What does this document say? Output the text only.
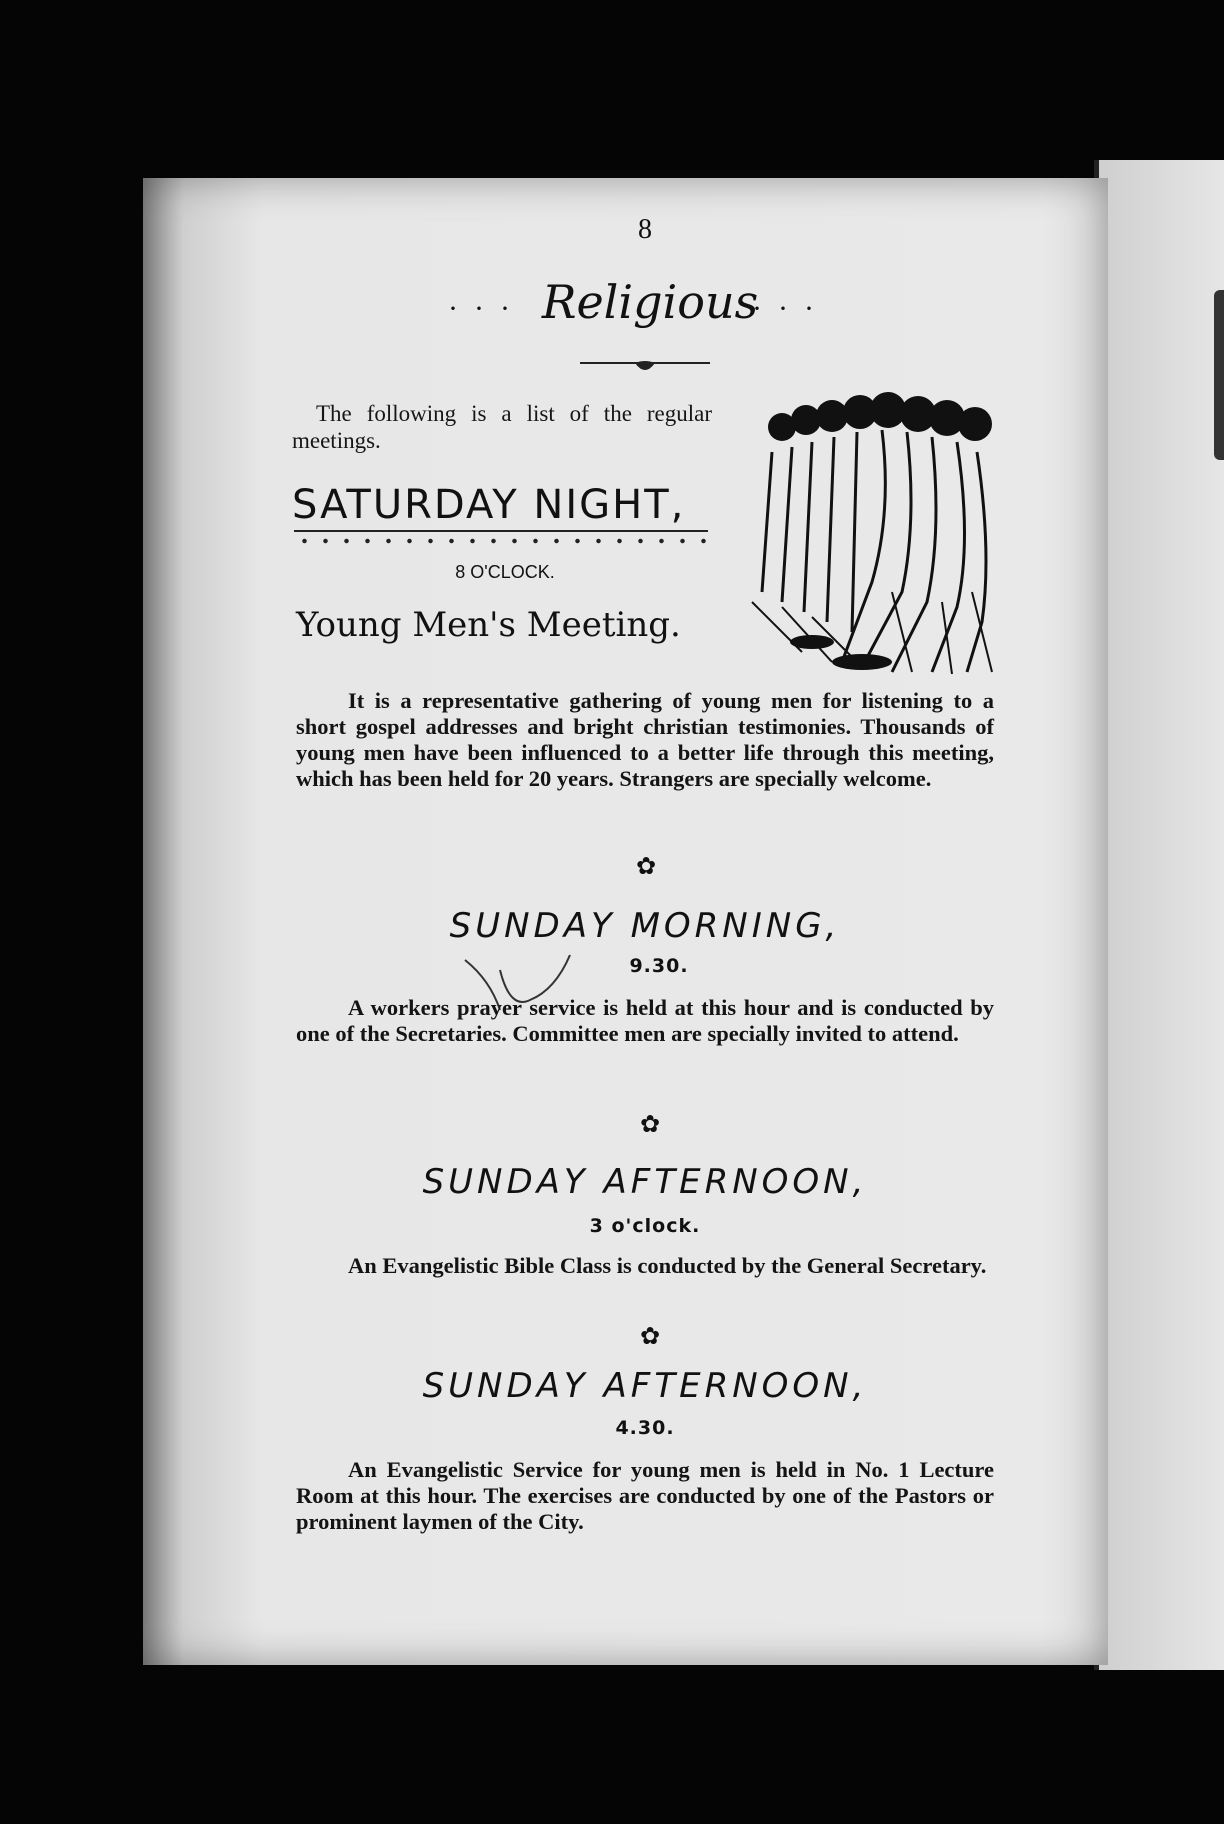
8
··· Religious
···
The following is a list of the regular meetings.
SATURDAY NIGHT,
8 O'CLOCK.
Young Men's Meeting.
It is a representative gathering of young men for listening to a short gospel addresses and bright christian testimonies. Thousands of young men have been influenced to a better life through this meeting, which has been held for 20 years. Strangers are specially welcome.
✿
SUNDAY MORNING,
9.30.
A workers prayer service is held at this hour and is conducted by one of the Secretaries. Committee men are specially invited to attend.
✿
SUNDAY AFTERNOON,
3 o'clock.
An Evangelistic Bible Class is conducted by the General Secretary.
✿
SUNDAY AFTERNOON,
4.30.
An Evangelistic Service for young men is held in No. 1 Lecture Room at this hour. The exercises are conducted by one of the Pastors or prominent laymen of the City.
